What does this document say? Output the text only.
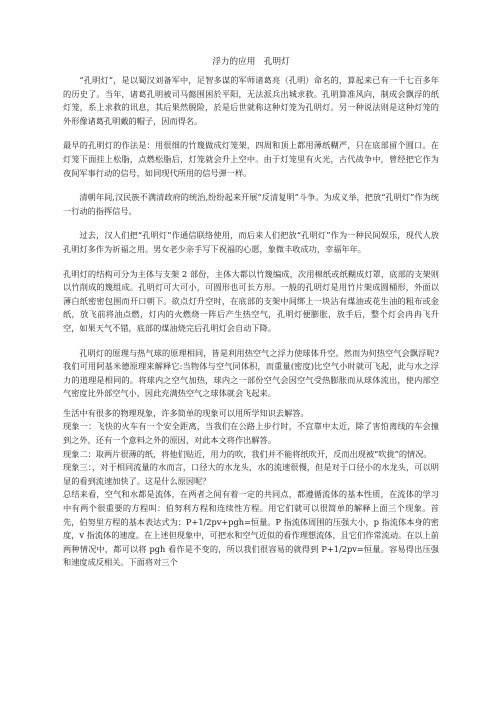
浮力的应用　孔明灯

“孔明灯”，是以蜀汉刘备军中，足智多谋的军师诸葛亮（孔明）命名的，算起来已有一千七百多年的历史了。当年，诸葛孔明被司马懿围困於平阳，无法派兵出城求救。孔明算准风向，制成会飘浮的纸灯笼，系上求救的讯息，其后果然脱险，於是后世就称这种灯笼为孔明灯。另一种说法则是这种灯笼的外形像诸葛孔明戴的帽子，因而得名。

最早的孔明灯的作法是：用很细的竹篾做成灯笼架，四周和顶上都用薄纸糊严，只在底部留个圆口。在灯笼下面挂上松脂，点燃松脂后，灯笼就会升上空中。由于灯笼里有火光，古代战争中，曾经把它作为夜间军事行动的信号，如同现代所用的信号弹一样。

清朝年间,汉民族不满清政府的统治,纷纷起来开展“反清复明”斗争。为成义举，把放“孔明灯”作为统一行动的指挥信号。

过去，汉人们把“孔明灯”作通信联络使用，而后来人们把放“孔明灯”作为一种民间娱乐，现代人放孔明灯多作为祈福之用。男女老少亲手写下祝福的心愿，象微丰收成功，幸福年年。

孔明灯的结构可分为主体与支架 2 部份，主体大都以竹篾编成，次用棉纸或纸糊成灯罩，底部的支架则以竹削成的篾组成。孔明灯可大可小，可圆形也可长方形。一般的孔明灯是用竹片架成圆桶形，外面以薄白纸密密包围而开口朝下。欲点灯升空时，在底部的支架中间绑上一块沾有煤油或花生油的粗布或金纸，放飞前将油点燃，灯内的火燃烧一阵后产生热空气，孔明灯便膨胀，放手后，整个灯会冉冉飞升空，如果天气不错，底部的煤油烧完后孔明灯会自动下降。

孔明灯的原理与热气球的原理相同，皆是利用热空气之浮力使球体升空。然而为何热空气会飘浮呢?我们可用阿基米德原理来解释它:当物体与空气同体积，而重量(密度)比空气小时就可飞起，此与水之浮力的道理是相同的。将球内之空气加热，球内之一部份空气会因空气受热膨胀而从球体流出，使内部空气密度比外部空气小，因此充满热空气之球体就会飞起来。

生活中有很多的物理现象，许多简单的现象可以用所学知识去解答。

现象一：飞快的火车有一个安全距离，当我们在公路上步行时，不宜靠中太近，除了害怕离线的车会撞到之外，还有一个意料之外的原因，对此本文将作出解答。

现象二：取两片很薄的纸，将他们贴近，用力的吹，我们并不能将纸吹开，反而出现被“吹拢”的情况。

现象三：，对于相同流量的水而言，口径大的水龙头，水的流速很慢，但是对于口径小的水龙头，可以明显的看到流速加快了。这是什么原因呢？

总结来看，空气和水都是流体，在两者之间有着一定的共同点，都遵循流体的基本性质，在流体的学习中有两个很重要的方程叫：伯努利方程和连续性方程。用它们就可以很简单的解释上面三个现象。首先，伯努里方程的基本表达式为：P+1/2pv+pgh=恒量。P 指流体周围的压强大小，p 指流体本身的密度，v 指流体的速度。在上述但现象中，可把水和空气近似的看作理想流体，且它们作常流动。在以上前两种情况中，都可以将 pgh 看作是不变的，所以我们很容易的就得到 P+1/2pv=恒量。容易得出压强和速度成反相关。下面将对三个
